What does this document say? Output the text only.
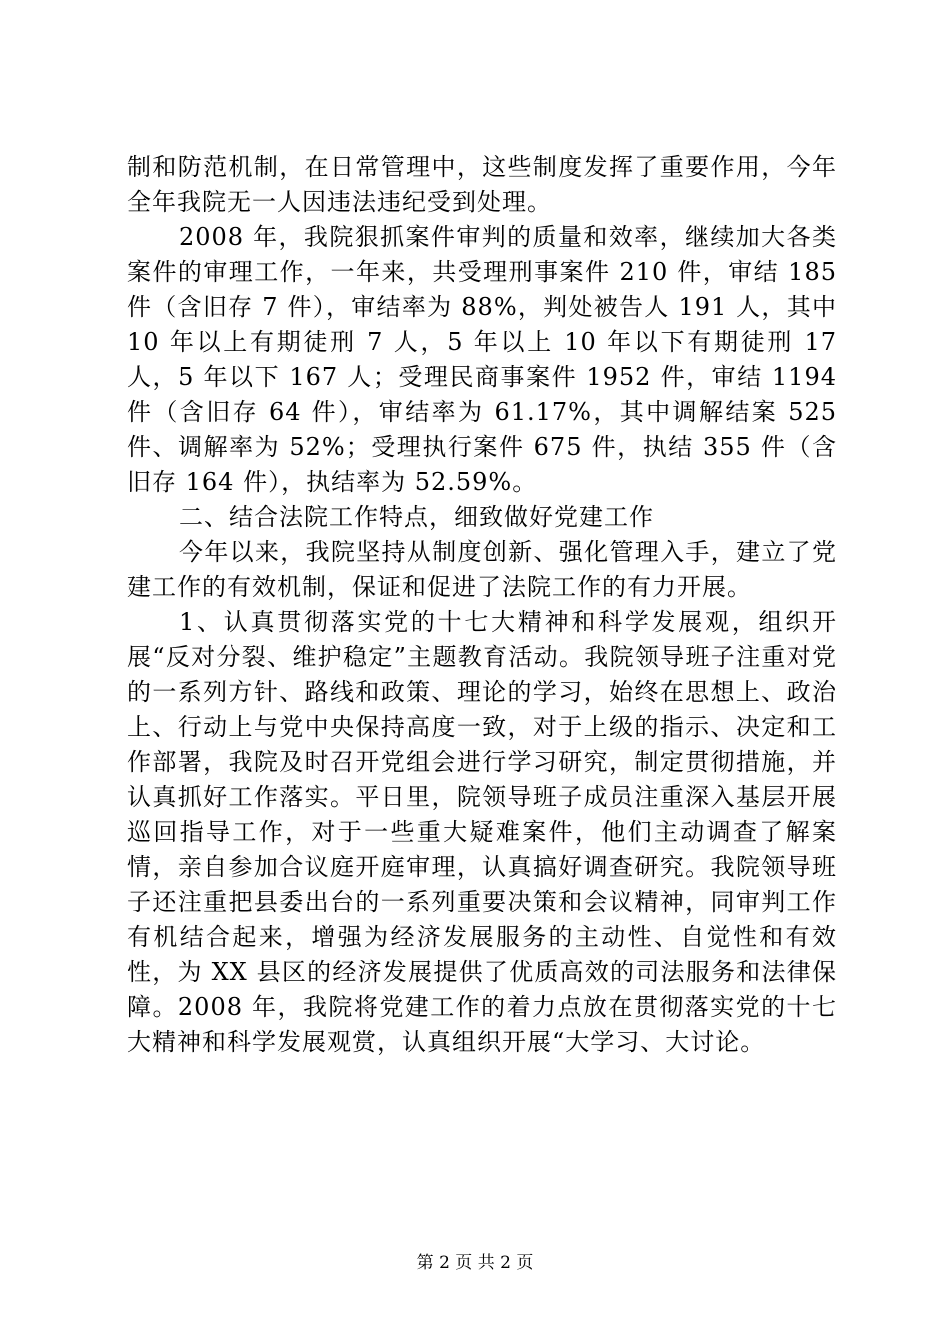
制和防范机制，在日常管理中，这些制度发挥了重要作用，今年全年我院无一人因违法违纪受到处理。

2008 年，我院狠抓案件审判的质量和效率，继续加大各类案件的审理工作，一年来，共受理刑事案件 210 件，审结 185 件（含旧存 7 件），审结率为 88%，判处被告人 191 人，其中 10 年以上有期徒刑 7 人，5 年以上 10 年以下有期徒刑 17 人，5 年以下 167 人；受理民商事案件 1952 件，审结 1194 件（含旧存 64 件），审结率为 61.17%，其中调解结案 525 件、调解率为 52%；受理执行案件 675 件，执结 355 件（含旧存 164 件），执结率为 52.59%。

二、结合法院工作特点，细致做好党建工作

今年以来，我院坚持从制度创新、强化管理入手，建立了党建工作的有效机制，保证和促进了法院工作的有力开展。

1、认真贯彻落实党的十七大精神和科学发展观，组织开展“反对分裂、维护稳定”主题教育活动。我院领导班子注重对党的一系列方针、路线和政策、理论的学习，始终在思想上、政治上、行动上与党中央保持高度一致，对于上级的指示、决定和工作部署，我院及时召开党组会进行学习研究，制定贯彻措施，并认真抓好工作落实。平日里，院领导班子成员注重深入基层开展巡回指导工作，对于一些重大疑难案件，他们主动调查了解案情，亲自参加合议庭开庭审理，认真搞好调查研究。我院领导班子还注重把县委出台的一系列重要决策和会议精神，同审判工作有机结合起来，增强为经济发展服务的主动性、自觉性和有效性，为 XX 县区的经济发展提供了优质高效的司法服务和法律保障。2008 年，我院将党建工作的着力点放在贯彻落实党的十七大精神和科学发展观赏，认真组织开展“大学习、大讨论。

第 2 页 共 2 页
